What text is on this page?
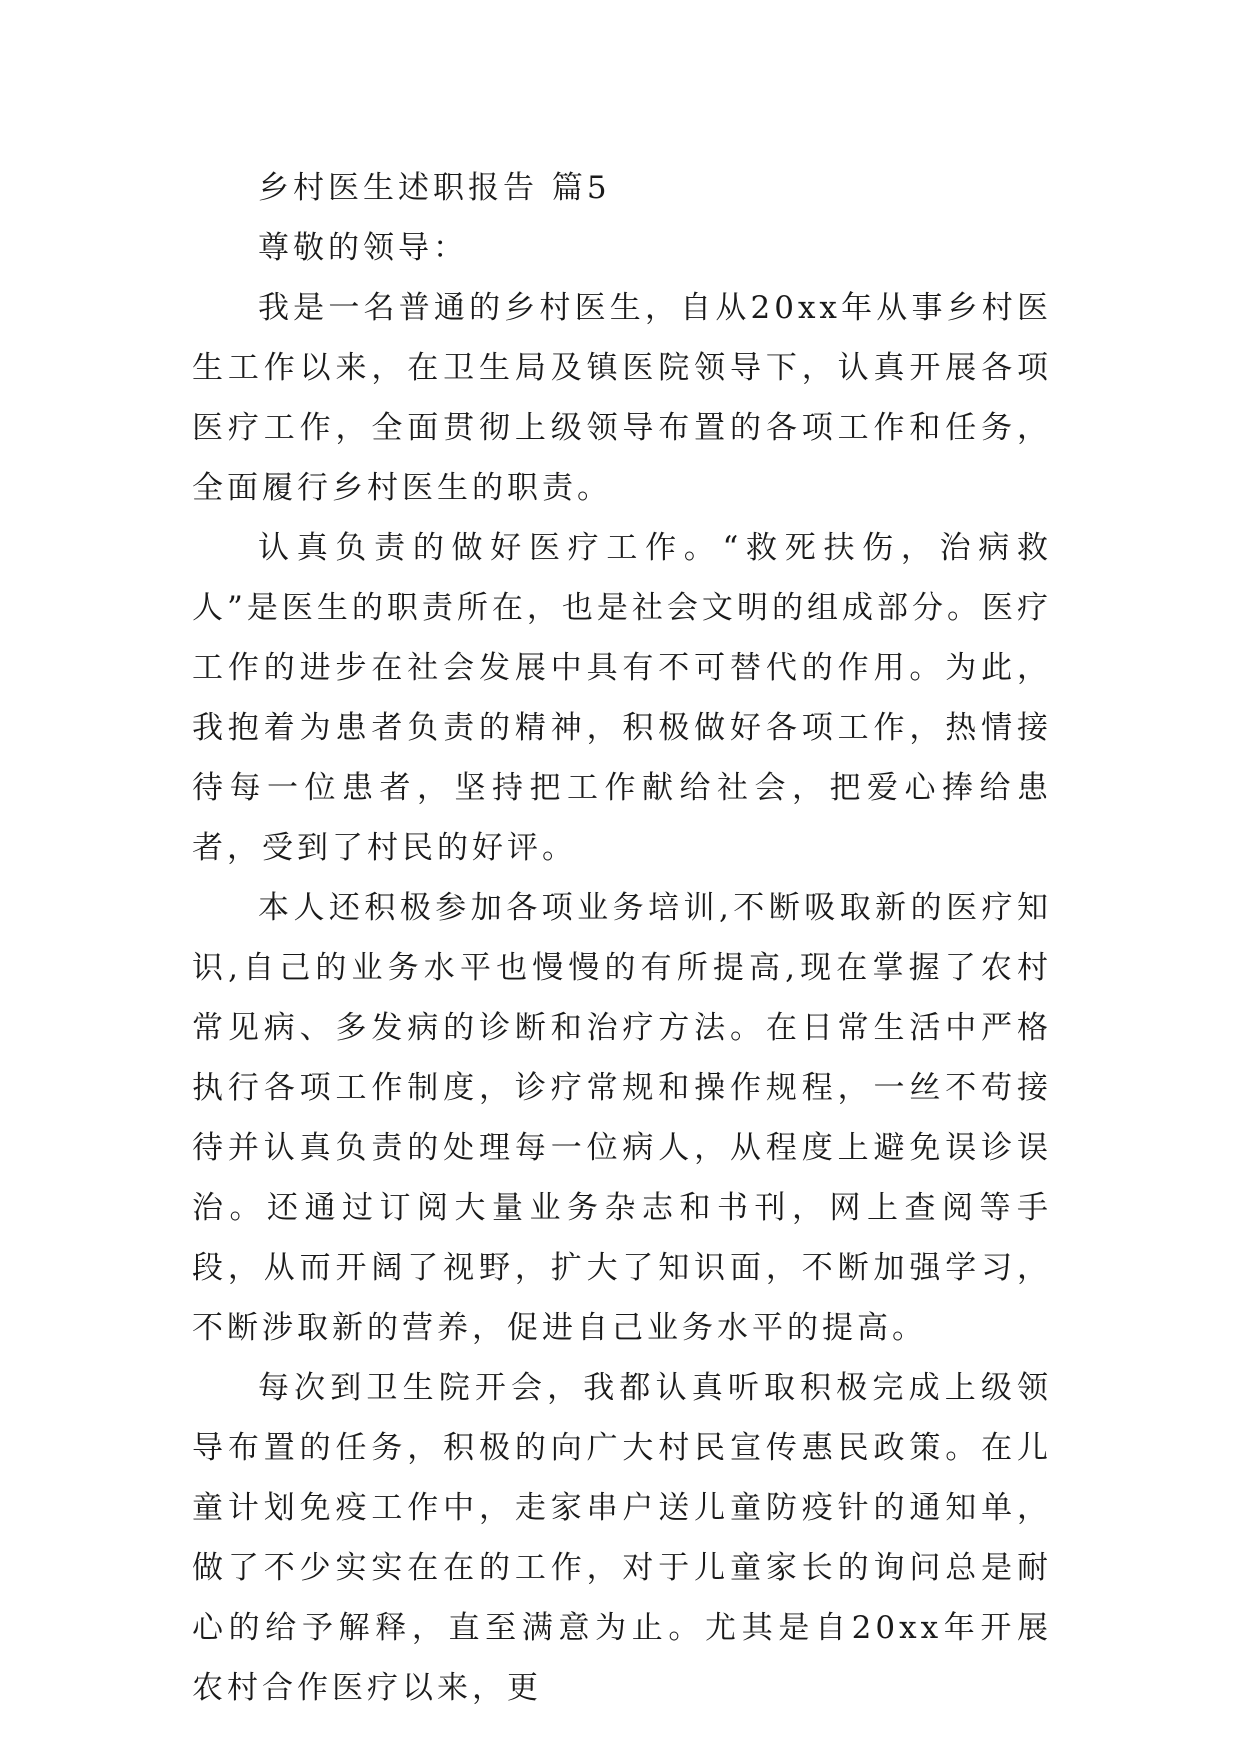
乡村医生述职报告 篇5

尊敬的领导：

我是一名普通的乡村医生，自从20xx年从事乡村医生工作以来，在卫生局及镇医院领导下，认真开展各项医疗工作，全面贯彻上级领导布置的各项工作和任务，全面履行乡村医生的职责。

认真负责的做好医疗工作。“救死扶伤，治病救人”是医生的职责所在，也是社会文明的组成部分。医疗工作的进步在社会发展中具有不可替代的作用。为此，我抱着为患者负责的精神，积极做好各项工作，热情接待每一位患者，坚持把工作献给社会，把爱心捧给患者，受到了村民的好评。

本人还积极参加各项业务培训,不断吸取新的医疗知识,自己的业务水平也慢慢的有所提高,现在掌握了农村常见病、多发病的诊断和治疗方法。在日常生活中严格执行各项工作制度，诊疗常规和操作规程，一丝不苟接待并认真负责的处理每一位病人，从程度上避免误诊误治。还通过订阅大量业务杂志和书刊，网上查阅等手段，从而开阔了视野，扩大了知识面，不断加强学习，不断涉取新的营养，促进自己业务水平的提高。

每次到卫生院开会，我都认真听取积极完成上级领导布置的任务，积极的向广大村民宣传惠民政策。在儿童计划免疫工作中，走家串户送儿童防疫针的通知单，做了不少实实在在的工作，对于儿童家长的询问总是耐心的给予解释，直至满意为止。尤其是自20xx年开展农村合作医疗以来，更
